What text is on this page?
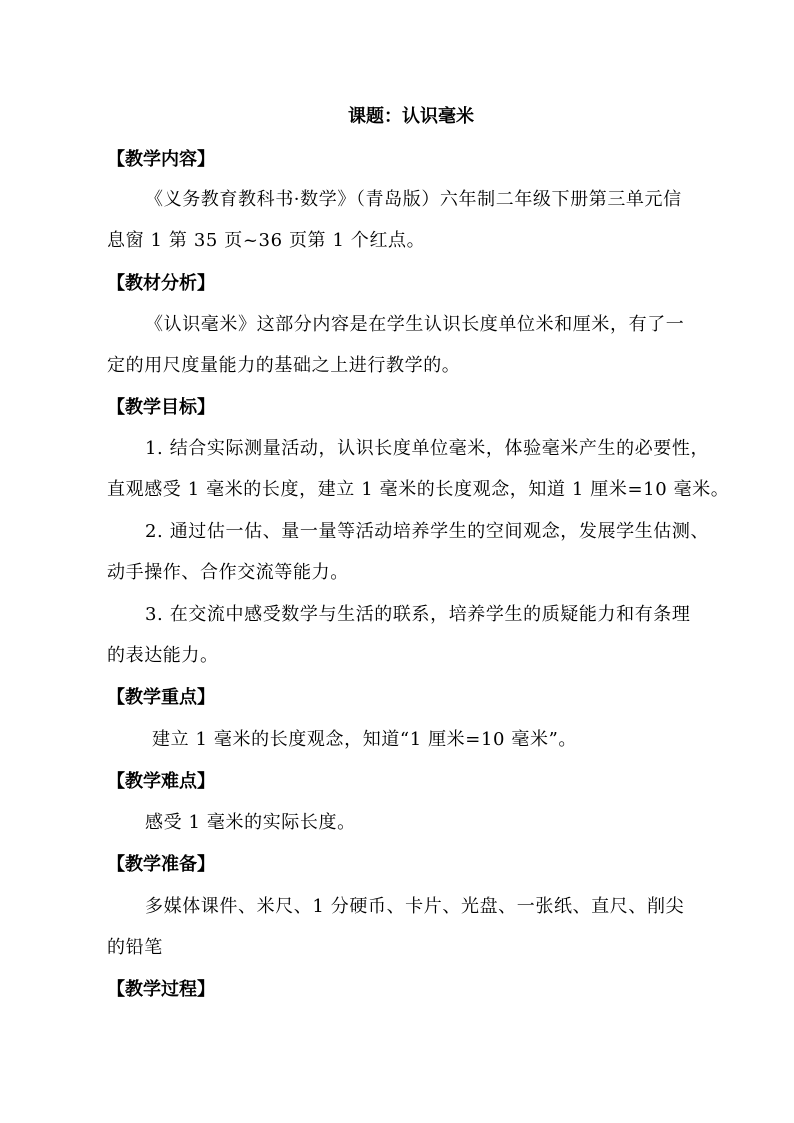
课题：认识毫米
【教学内容】
《义务教育教科书·数学》（青岛版）六年制二年级下册第三单元信
息窗 1 第 35 页~36 页第 1 个红点。
【教材分析】
《认识毫米》这部分内容是在学生认识长度单位米和厘米，有了一
定的用尺度量能力的基础之上进行教学的。
【教学目标】
1. 结合实际测量活动，认识长度单位毫米，体验毫米产生的必要性，
直观感受 1 毫米的长度，建立 1 毫米的长度观念，知道 1 厘米=10 毫米。
2. 通过估一估、量一量等活动培养学生的空间观念，发展学生估测、
动手操作、合作交流等能力。
3. 在交流中感受数学与生活的联系，培养学生的质疑能力和有条理
的表达能力。
【教学重点】
建立 1 毫米的长度观念，知道“1 厘米=10 毫米”。
【教学难点】
感受 1 毫米的实际长度。
【教学准备】
多媒体课件、米尺、1 分硬币、卡片、光盘、一张纸、直尺、削尖
的铅笔
【教学过程】
